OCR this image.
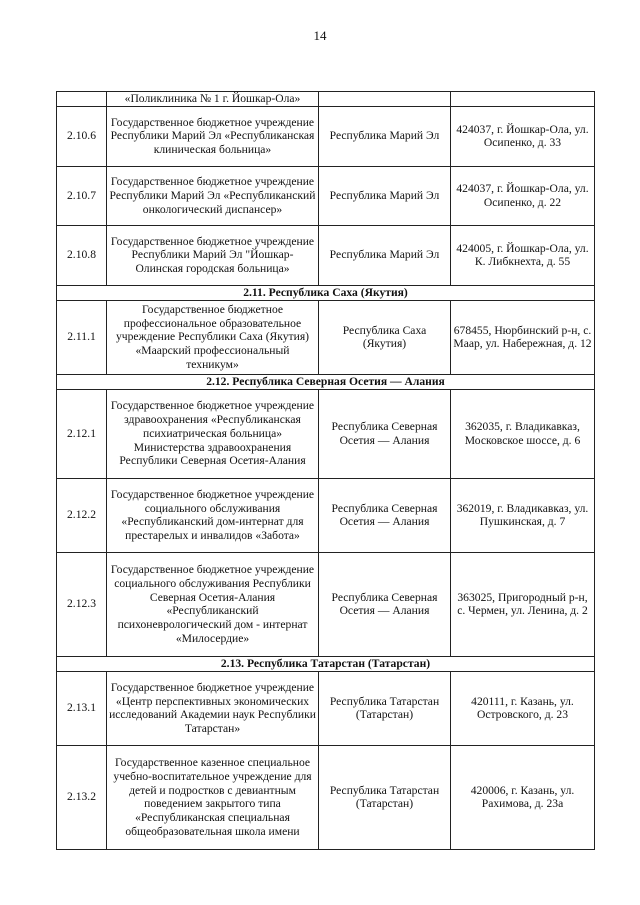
14
	«Поликлиника № 1 г. Йошкар-Ола»		
2.10.6	Государственное бюджетное учреждение Республики Марий Эл «Республиканская клиническая больница»	Республика Марий Эл	424037, г. Йошкар-Ола, ул. Осипенко, д. 33
2.10.7	Государственное бюджетное учреждение Республики Марий Эл «Республиканский онкологический диспансер»	Республика Марий Эл	424037, г. Йошкар-Ола, ул. Осипенко, д. 22
2.10.8	Государственное бюджетное учреждение Республики Марий Эл "Йошкар-Олинская городская больница»	Республика Марий Эл	424005, г. Йошкар-Ола, ул. К. Либкнехта, д. 55
2.11. Республика Саха (Якутия)			
2.11.1	Государственное бюджетное профессиональное образовательное учреждение Республики Саха (Якутия) «Маарский профессиональный техникум»	Республика Саха (Якутия)	678455, Нюрбинский р-н, с. Маар, ул. Набережная, д. 12
2.12. Республика Северная Осетия — Алания			
2.12.1	Государственное бюджетное учреждение здравоохранения «Республиканская психиатрическая больница» Министерства здравоохранения Республики Северная Осетия-Алания	Республика Северная Осетия — Алания	362035, г. Владикавказ, Московское шоссе, д. 6
2.12.2	Государственное бюджетное учреждение социального обслуживания «Республиканский дом-интернат для престарелых и инвалидов «Забота»	Республика Северная Осетия — Алания	362019, г. Владикавказ, ул. Пушкинская, д. 7
2.12.3	Государственное бюджетное учреждение социального обслуживания Республики Северная Осетия-Алания «Республиканский психоневрологический дом - интернат «Милосердие»	Республика Северная Осетия — Алания	363025, Пригородный р-н, с. Чермен, ул. Ленина, д. 2
2.13. Республика Татарстан (Татарстан)			
2.13.1	Государственное бюджетное учреждение «Центр перспективных экономических исследований Академии наук Республики Татарстан»	Республика Татарстан (Татарстан)	420111, г. Казань, ул. Островского, д. 23
2.13.2	Государственное казенное специальное учебно-воспитательное учреждение для детей и подростков с девиантным поведением закрытого типа «Республиканская специальная общеобразовательная школа имени	Республика Татарстан (Татарстан)	420006, г. Казань, ул. Рахимова, д. 23а
